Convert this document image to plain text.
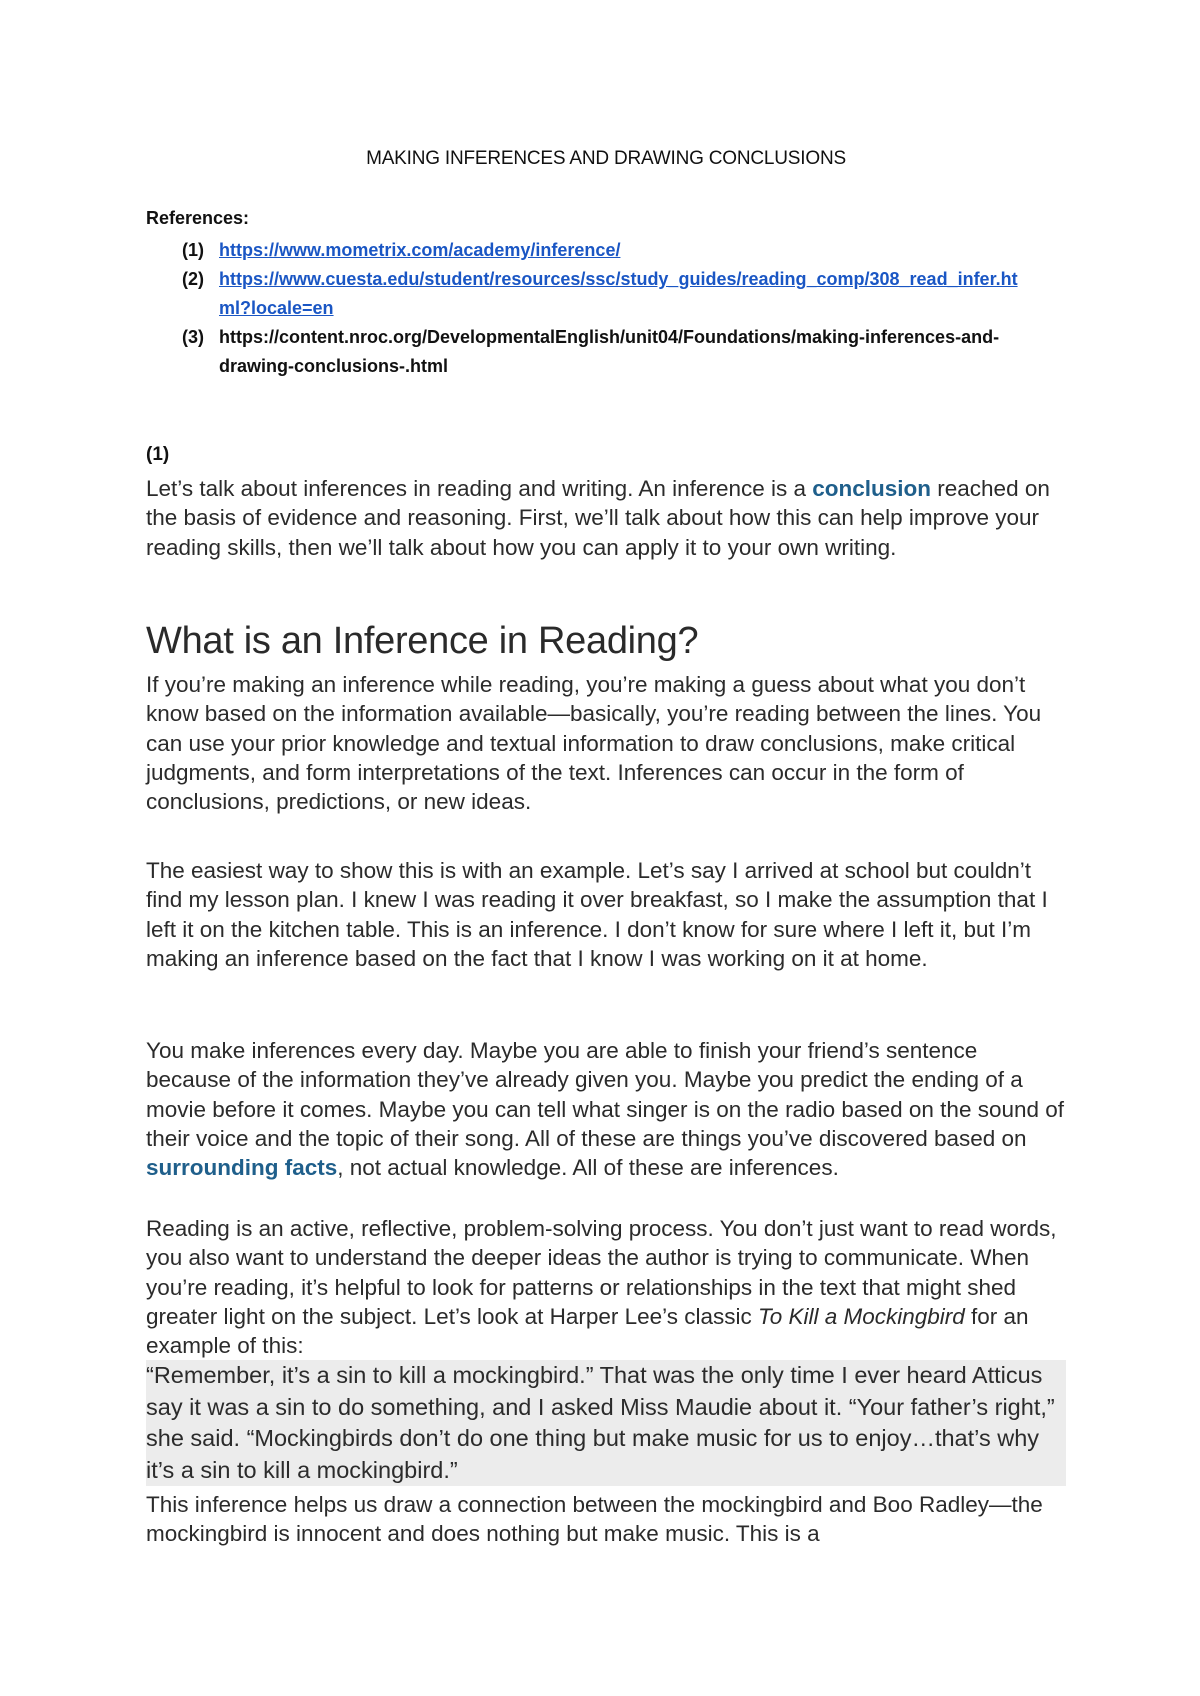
MAKING INFERENCES AND DRAWING CONCLUSIONS
References:
(1) https://www.mometrix.com/academy/inference/
(2) https://www.cuesta.edu/student/resources/ssc/study_guides/reading_comp/308_read_infer.html?locale=en
(3) https://content.nroc.org/DevelopmentalEnglish/unit04/Foundations/making-inferences-and-drawing-conclusions-.html
(1)

Let’s talk about inferences in reading and writing. An inference is a conclusion reached on the basis of evidence and reasoning. First, we’ll talk about how this can help improve your reading skills, then we’ll talk about how you can apply it to your own writing.

What is an Inference in Reading?

If you’re making an inference while reading, you’re making a guess about what you don’t know based on the information available—basically, you’re reading between the lines. You can use your prior knowledge and textual information to draw conclusions, make critical judgments, and form interpretations of the text. Inferences can occur in the form of conclusions, predictions, or new ideas.

The easiest way to show this is with an example. Let’s say I arrived at school but couldn’t find my lesson plan. I knew I was reading it over breakfast, so I make the assumption that I left it on the kitchen table. This is an inference. I don’t know for sure where I left it, but I’m making an inference based on the fact that I know I was working on it at home.

You make inferences every day. Maybe you are able to finish your friend’s sentence because of the information they’ve already given you. Maybe you predict the ending of a movie before it comes. Maybe you can tell what singer is on the radio based on the sound of their voice and the topic of their song. All of these are things you’ve discovered based on surrounding facts, not actual knowledge. All of these are inferences.

Reading is an active, reflective, problem-solving process. You don’t just want to read words, you also want to understand the deeper ideas the author is trying to communicate. When you’re reading, it’s helpful to look for patterns or relationships in the text that might shed greater light on the subject. Let’s look at Harper Lee’s classic To Kill a Mockingbird for an example of this:

“Remember, it’s a sin to kill a mockingbird.” That was the only time I ever heard Atticus say it was a sin to do something, and I asked Miss Maudie about it. “Your father’s right,” she said. “Mockingbirds don’t do one thing but make music for us to enjoy…that’s why it’s a sin to kill a mockingbird.”

This inference helps us draw a connection between the mockingbird and Boo Radley—the mockingbird is innocent and does nothing but make music. This is a
